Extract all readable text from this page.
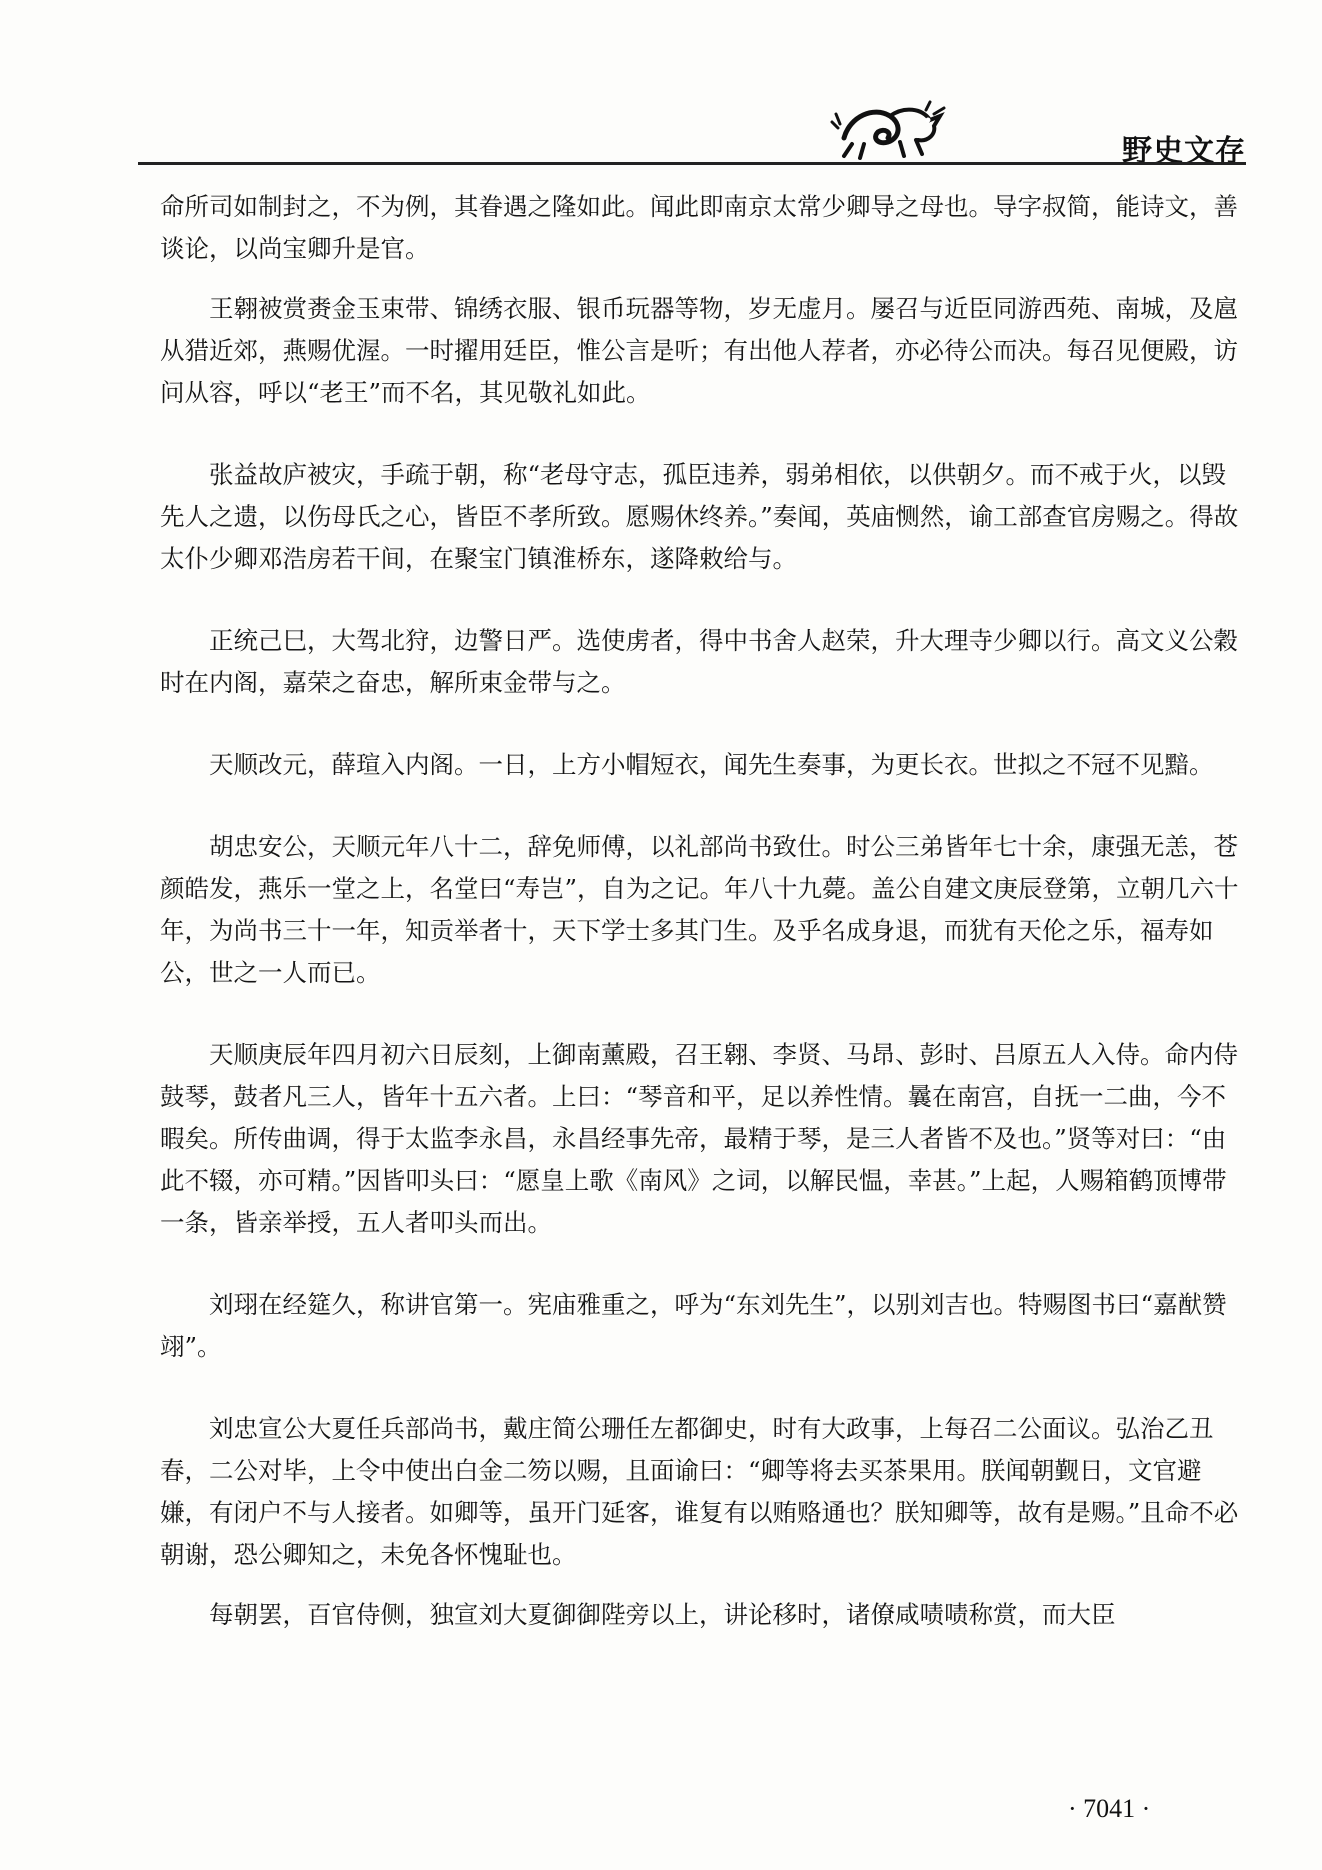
野史文存

命所司如制封之，不为例，其眷遇之隆如此。闻此即南京太常少卿导之母也。导字叔简，能诗文，善谈论，以尚宝卿升是官。

王翱被赏赉金玉束带、锦绣衣服、银币玩器等物，岁无虚月。屡召与近臣同游西苑、南城，及扈从猎近郊，燕赐优渥。一时擢用廷臣，惟公言是听；有出他人荐者，亦必待公而决。每召见便殿，访问从容，呼以“老王”而不名，其见敬礼如此。

张益故庐被灾，手疏于朝，称“老母守志，孤臣违养，弱弟相依，以供朝夕。而不戒于火，以毁先人之遗，以伤母氏之心，皆臣不孝所致。愿赐休终养。”奏闻，英庙恻然，谕工部查官房赐之。得故太仆少卿邓浩房若干间，在聚宝门镇淮桥东，遂降敕给与。

正统己巳，大驾北狩，边警日严。选使虏者，得中书舍人赵荣，升大理寺少卿以行。高文义公穀时在内阁，嘉荣之奋忠，解所束金带与之。

天顺改元，薛瑄入内阁。一日，上方小帽短衣，闻先生奏事，为更长衣。世拟之不冠不见黯。

胡忠安公，天顺元年八十二，辞免师傅，以礼部尚书致仕。时公三弟皆年七十余，康强无恙，苍颜皓发，燕乐一堂之上，名堂曰“寿岂”，自为之记。年八十九薨。盖公自建文庚辰登第，立朝几六十年，为尚书三十一年，知贡举者十，天下学士多其门生。及乎名成身退，而犹有天伦之乐，福寿如公，世之一人而已。

天顺庚辰年四月初六日辰刻，上御南薰殿，召王翱、李贤、马昂、彭时、吕原五人入侍。命内侍鼓琴，鼓者凡三人，皆年十五六者。上曰：“琴音和平，足以养性情。曩在南宫，自抚一二曲，今不暇矣。所传曲调，得于太监李永昌，永昌经事先帝，最精于琴，是三人者皆不及也。”贤等对曰：“由此不辍，亦可精。”因皆叩头曰：“愿皇上歌《南风》之词，以解民愠，幸甚。”上起，人赐箱鹤顶博带一条，皆亲举授，五人者叩头而出。

刘珝在经筵久，称讲官第一。宪庙雅重之，呼为“东刘先生”，以别刘吉也。特赐图书曰“嘉猷赞翊”。

刘忠宣公大夏任兵部尚书，戴庄简公珊任左都御史，时有大政事，上每召二公面议。弘治乙丑春，二公对毕，上令中使出白金二笏以赐，且面谕曰：“卿等将去买茶果用。朕闻朝觐日，文官避嫌，有闭户不与人接者。如卿等，虽开门延客，谁复有以贿赂通也？朕知卿等，故有是赐。”且命不必朝谢，恐公卿知之，未免各怀愧耻也。

每朝罢，百官侍侧，独宣刘大夏御御陛旁以上，讲论移时，诸僚咸啧啧称赏，而大臣

· 7041 ·
